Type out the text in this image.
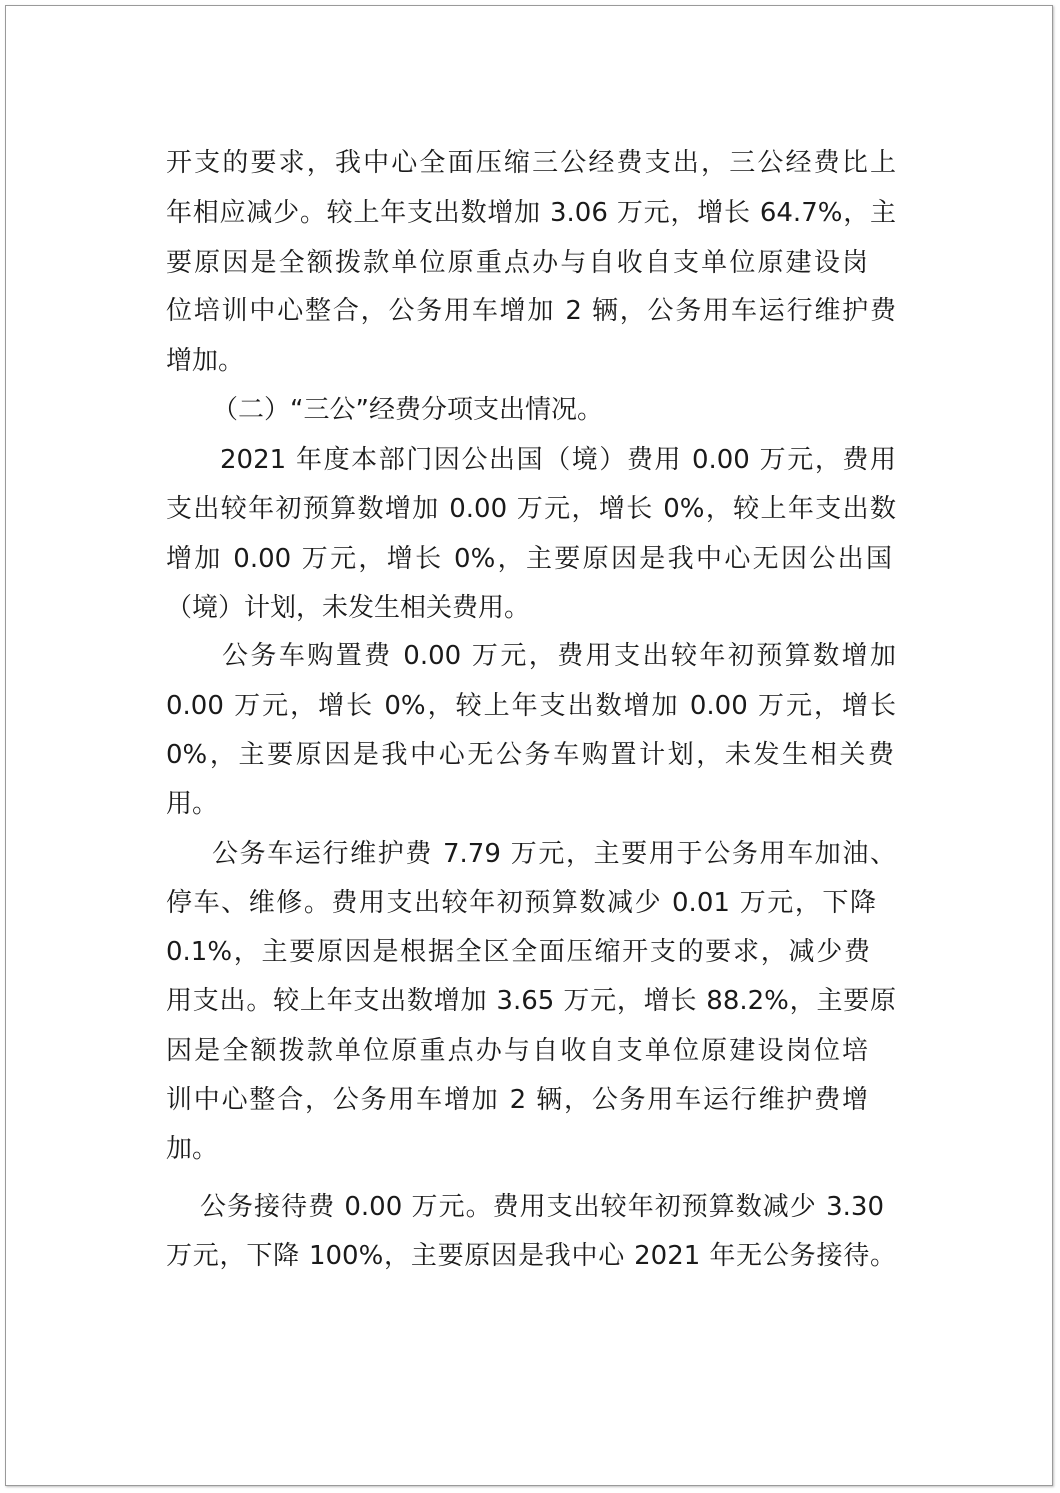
开支的要求，我中心全面压缩三公经费支出，三公经费比上
年相应减少。较上年支出数增加 3.06 万元，增长 64.7%，主
要原因是全额拨款单位原重点办与自收自支单位原建设岗
位培训中心整合，公务用车增加 2 辆，公务用车运行维护费
增加。
（二）“三公”经费分项支出情况。
2021 年度本部门因公出国（境）费用 0.00 万元，费用
支出较年初预算数增加 0.00 万元，增长 0%，较上年支出数
增加 0.00 万元，增长 0%，主要原因是我中心无因公出国
（境）计划，未发生相关费用。
公务车购置费 0.00 万元，费用支出较年初预算数增加
0.00 万元，增长 0%，较上年支出数增加 0.00 万元，增长
0%，主要原因是我中心无公务车购置计划，未发生相关费
用。
公务车运行维护费 7.79 万元，主要用于公务用车加油、
停车、维修。费用支出较年初预算数减少 0.01 万元，下降
0.1%，主要原因是根据全区全面压缩开支的要求，减少费
用支出。较上年支出数增加 3.65 万元，增长 88.2%，主要原
因是全额拨款单位原重点办与自收自支单位原建设岗位培
训中心整合，公务用车增加 2 辆，公务用车运行维护费增
加。
公务接待费 0.00 万元。费用支出较年初预算数减少 3.30
万元，下降 100%，主要原因是我中心 2021 年无公务接待。
